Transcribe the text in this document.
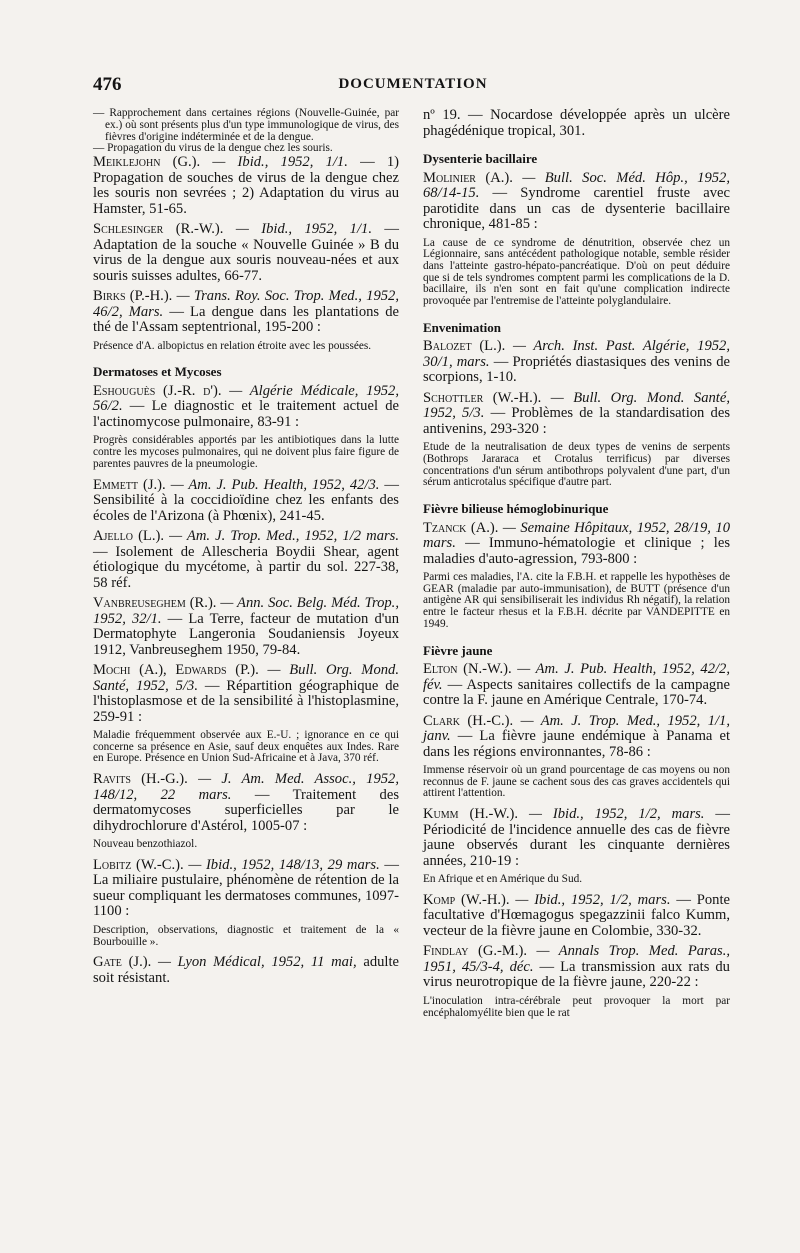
476	DOCUMENTATION
— Rapprochement dans certaines régions (Nouvelle-Guinée, par ex.) où sont présents plus d'un type immunologique de virus, des fièvres d'origine indéterminée et de la dengue.
— Propagation du virus de la dengue chez les souris.
Meiklejohn (G.). — Ibid., 1952, 1/1. — 1) Propagation de souches de virus de la dengue chez les souris non sevrées ; 2) Adaptation du virus au Hamster, 51-65.
Schlesinger (R.-W.). — Ibid., 1952, 1/1. — Adaptation de la souche « Nouvelle Guinée » B du virus de la dengue aux souris nouveau-nées et aux souris suisses adultes, 66-77.
Birks (P.-H.). — Trans. Roy. Soc. Trop. Med., 1952, 46/2, Mars. — La dengue dans les plantations de thé de l'Assam septentrional, 195-200 :
Présence d'A. albopictus en relation étroite avec les poussées.
Dermatoses et Mycoses
Eshouguès (J.-R. d'). — Algérie Médicale, 1952, 56/2. — Le diagnostic et le traitement actuel de l'actinomycose pulmonaire, 83-91 :
Progrès considérables apportés par les antibiotiques dans la lutte contre les mycoses pulmonaires, qui ne doivent plus faire figure de parentes pauvres de la pneumologie.
Emmett (J.). — Am. J. Pub. Health, 1952, 42/3. — Sensibilité à la coccidioïdine chez les enfants des écoles de l'Arizona (à Phœnix), 241-45.
Ajello (L.). — Am. J. Trop. Med., 1952, 1/2 mars. — Isolement de Allescheria Boydii Shear, agent étiologique du mycétome, à partir du sol. 227-38, 58 réf.
Vanbreuseghem (R.). — Ann. Soc. Belg. Méd. Trop., 1952, 32/1. — La Terre, facteur de mutation d'un Dermatophyte Langeronia Soudaniensis Joyeux 1912, Vanbreuseghem 1950, 79-84.
Mochi (A.), Edwards (P.). — Bull. Org. Mond. Santé, 1952, 5/3. — Répartition géographique de l'histoplasmose et de la sensibilité à l'histoplasmine, 259-91 :
Maladie fréquemment observée aux E.-U. ; ignorance en ce qui concerne sa présence en Asie, sauf deux enquêtes aux Indes. Rare en Europe. Présence en Union Sud-Africaine et à Java, 370 réf.
Ravits (H.-G.). — J. Am. Med. Assoc., 1952, 148/12, 22 mars. — Traitement des dermatomycoses superficielles par le dihydrochlorure d'Astérol, 1005-07 :
Nouveau benzothiazol.
Lobitz (W.-C.). — Ibid., 1952, 148/13, 29 mars. — La miliaire pustulaire, phénomène de rétention de la sueur compliquant les dermatoses communes, 1097-1100 :
Description, observations, diagnostic et traitement de la « Bourbouille ».
Gate (J.). — Lyon Médical, 1952, 11 mai, adulte soit résistant.
nº 19. — Nocardose développée après un ulcère phagédénique tropical, 301.
Dysenterie bacillaire
Molinier (A.). — Bull. Soc. Méd. Hôp., 1952, 68/14-15. — Syndrome carentiel fruste avec parotidite dans un cas de dysenterie bacillaire chronique, 481-85 :
La cause de ce syndrome de dénutrition, observée chez un Légionnaire, sans antécédent pathologique notable, semble résider dans l'atteinte gastro-hépato-pancréatique. D'où on peut déduire que si de tels syndromes comptent parmi les complications de la D. bacillaire, ils n'en sont en fait qu'une complication indirecte provoquée par l'entremise de l'atteinte polyglandulaire.
Envenimation
Balozet (L.). — Arch. Inst. Past. Algérie, 1952, 30/1, mars. — Propriétés diastasiques des venins de scorpions, 1-10.
Schottler (W.-H.). — Bull. Org. Mond. Santé, 1952, 5/3. — Problèmes de la standardisation des antivenins, 293-320 :
Etude de la neutralisation de deux types de venins de serpents (Bothrops Jararaca et Crotalus terrificus) par diverses concentrations d'un sérum antibothrops polyvalent d'une part, d'un sérum anticrotalus spécifique d'autre part.
Fièvre bilieuse hémoglobinurique
Tzanck (A.). — Semaine Hôpitaux, 1952, 28/19, 10 mars. — Immuno-hématologie et clinique ; les maladies d'auto-agression, 793-800 :
Parmi ces maladies, l'A. cite la F.B.H. et rappelle les hypothèses de GEAR (maladie par auto-immunisation), de BUTT (présence d'un antigène AR qui sensibiliserait les individus Rh négatif), la relation entre le facteur rhesus et la F.B.H. décrite par VANDEPITTE en 1949.
Fièvre jaune
Elton (N.-W.). — Am. J. Pub. Health, 1952, 42/2, fév. — Aspects sanitaires collectifs de la campagne contre la F. jaune en Amérique Centrale, 170-74.
Clark (H.-C.). — Am. J. Trop. Med., 1952, 1/1, janv. — La fièvre jaune endémique à Panama et dans les régions environnantes, 78-86 :
Immense réservoir où un grand pourcentage de cas moyens ou non reconnus de F. jaune se cachent sous des cas graves accidentels qui attirent l'attention.
Kumm (H.-W.). — Ibid., 1952, 1/2, mars. — Périodicité de l'incidence annuelle des cas de fièvre jaune observés durant les cinquante dernières années, 210-19 :
En Afrique et en Amérique du Sud.
Komp (W.-H.). — Ibid., 1952, 1/2, mars. — Ponte facultative d'Hœmagogus spegazzinii falco Kumm, vecteur de la fièvre jaune en Colombie, 330-32.
Findlay (G.-M.). — Annals Trop. Med. Paras., 1951, 45/3-4, déc. — La transmission aux rats du virus neurotropique de la fièvre jaune, 220-22 :
L'inoculation intra-cérébrale peut provoquer la mort par encéphalomyélite bien que le rat
